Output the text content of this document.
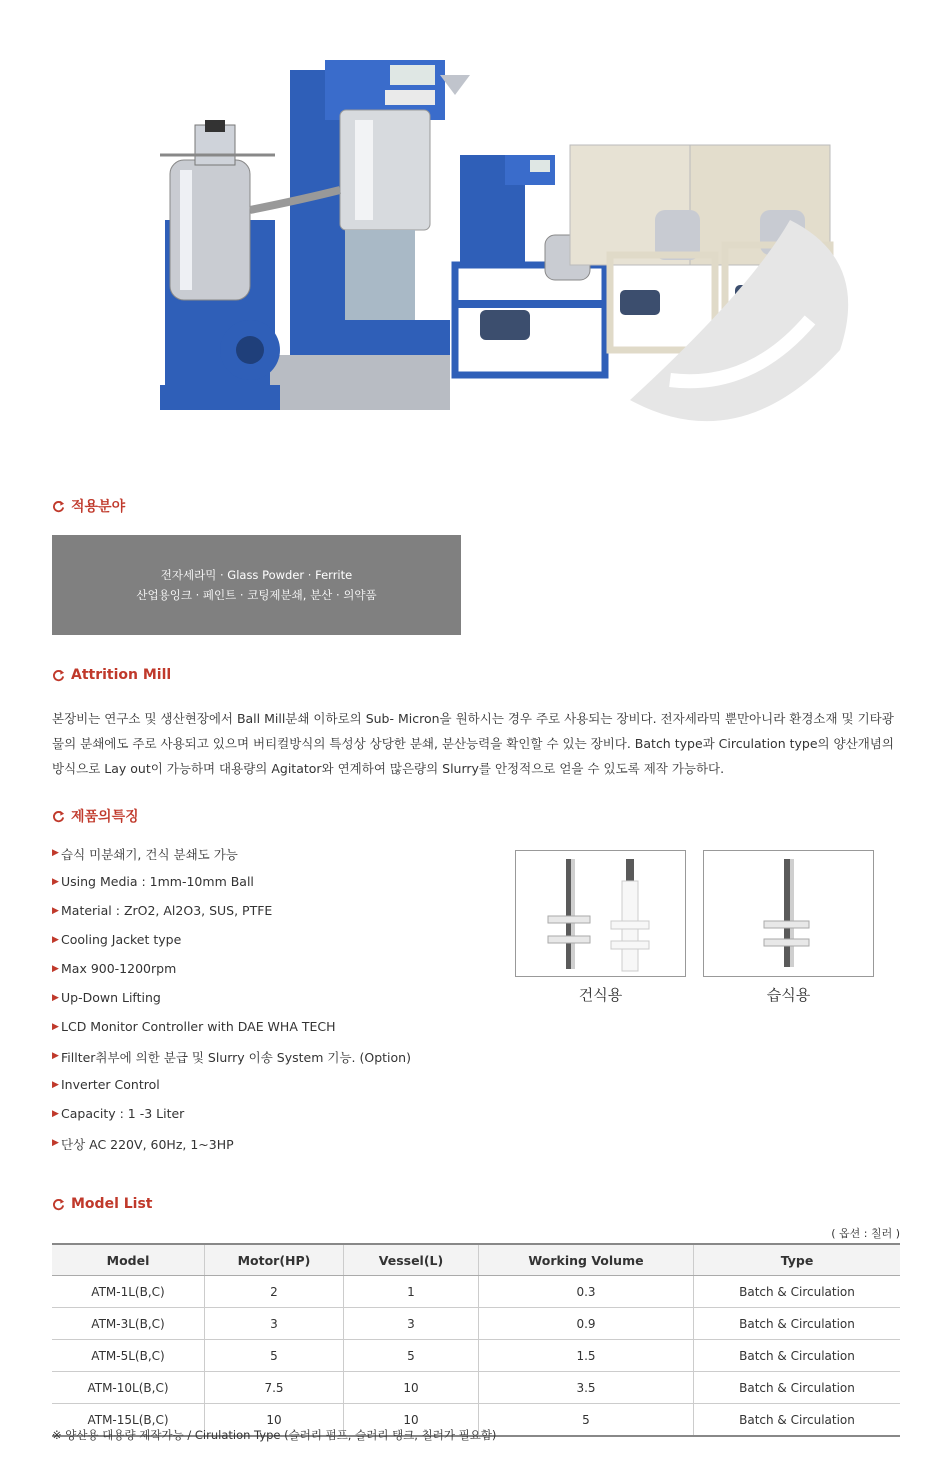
적용분야
전자세라믹 · Glass Powder · Ferrite
산업용잉크 · 페인트 · 코팅제분쇄, 분산 · 의약품
Attrition Mill
본장비는 연구소 및 생산현장에서 Ball Mill분쇄 이하로의 Sub- Micron을 원하시는 경우 주로 사용되는 장비다. 전자세라믹 뿐만아니라 환경소재 및 기타광물의 분쇄에도 주로 사용되고 있으며 버티컬방식의 특성상 상당한 분쇄, 분산능력을 확인할 수 있는 장비다. Batch type과 Circulation type의 양산개념의 방식으로 Lay out이 가능하며 대용량의 Agitator와 연계하여 많은량의 Slurry를 안정적으로 얻을 수 있도록 제작 가능하다.
제품의특징
▶ 습식 미분쇄기, 건식 분쇄도 가능
▶ Using Media : 1mm-10mm Ball
▶ Material : ZrO2, Al2O3, SUS, PTFE
▶ Cooling Jacket type
▶ Max 900-1200rpm
▶ Up-Down Lifting
▶ LCD Monitor Controller with DAE WHA TECH
▶ Fillter취부에 의한 분급 및 Slurry 이송 System 기능. (Option)
▶ Inverter Control
▶ Capacity : 1 -3 Liter
▶ 단상 AC 220V, 60Hz, 1~3HP
건식용	습식용
Model List
( 옵션 : 칠러 )
Model	Motor(HP)	Vessel(L)	Working Volume	Type
ATM-1L(B,C)	2	1	0.3	Batch & Circulation
ATM-3L(B,C)	3	3	0.9	Batch & Circulation
ATM-5L(B,C)	5	5	1.5	Batch & Circulation
ATM-10L(B,C)	7.5	10	3.5	Batch & Circulation
ATM-15L(B,C)	10	10	5	Batch & Circulation
※ 양산용 대용량 제작가능 / Cirulation Type (슬러리 펌프, 슬러리 탱크, 칠러가 필요함)
